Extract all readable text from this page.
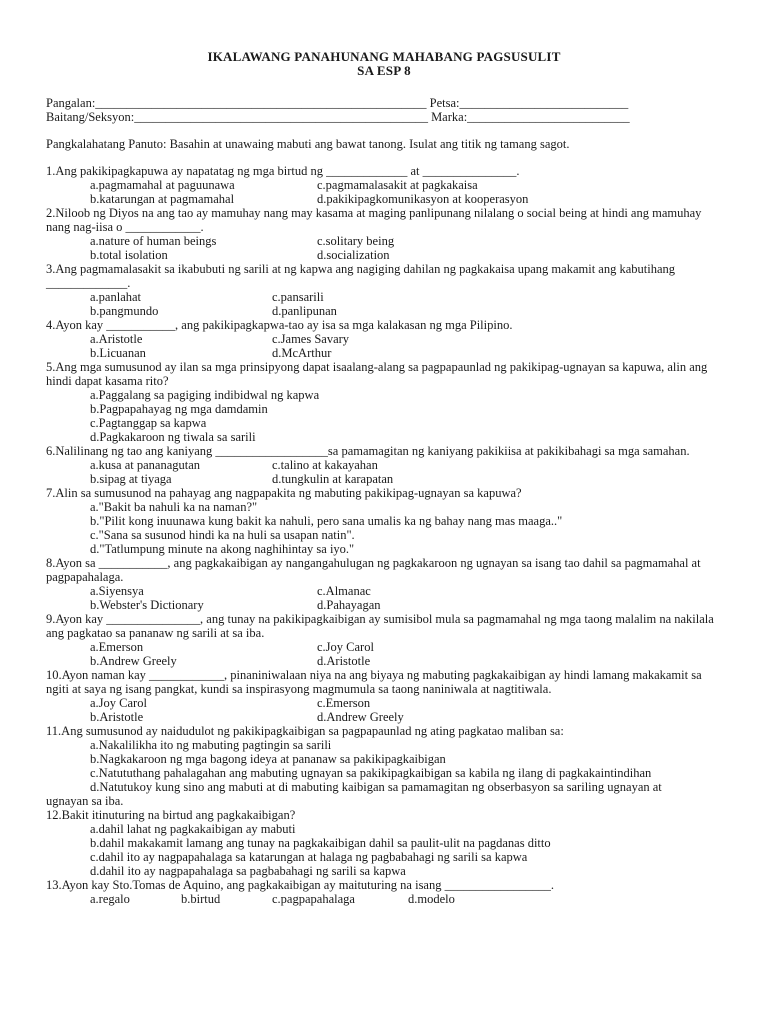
IKALAWANG PANAHUNANG MAHABANG PAGSUSULIT
SA ESP 8
Pangalan:_____________________________________________________ Petsa:___________________________
Baitang/Seksyon:_______________________________________________ Marka:__________________________
Pangkalahatang Panuto: Basahin at unawaing mabuti ang bawat tanong. Isulat ang titik ng tamang sagot.
1.Ang pakikipagkapuwa ay napatatag ng mga birtud ng _____________ at _______________.
a.pagmamahal at paguunawa	c.pagmamalasakit at pagkakaisa
b.katarungan at pagmamahal	d.pakikipagkomunikasyon at kooperasyon
2.Niloob ng Diyos na ang tao ay mamuhay nang may kasama at maging panlipunang nilalang o social being at hindi ang mamuhay nang nag-iisa o ____________.
a.nature of human beings	c.solitary being
b.total isolation	d.socialization
3.Ang pagmamalasakit sa ikabubuti ng sarili at ng kapwa ang nagiging dahilan ng pagkakaisa upang makamit ang kabutihang _____________.
a.panlahat	c.pansarili
b.pangmundo	d.panlipunan
4.Ayon kay ___________, ang pakikipagkapwa-tao ay isa sa mga kalakasan ng mga Pilipino.
a.Aristotle	c.James Savary
b.Licuanan	d.McArthur
5.Ang mga sumusunod ay ilan sa mga prinsipyong dapat isaalang-alang sa pagpapaunlad ng pakikipag-ugnayan sa kapuwa, alin ang hindi dapat kasama rito?
a.Paggalang sa pagiging indibidwal ng kapwa
b.Pagpapahayag ng mga damdamin
c.Pagtanggap sa kapwa
d.Pagkakaroon ng tiwala sa sarili
6.Nalilinang ng tao ang kaniyang __________________sa pamamagitan ng kaniyang pakikiisa at pakikibahagi sa mga samahan.
a.kusa at pananagutan	c.talino at kakayahan
b.sipag at tiyaga	d.tungkulin at karapatan
7.Alin sa sumusunod na pahayag ang nagpapakita ng mabuting pakikipag-ugnayan sa kapuwa?
a."Bakit ba nahuli ka na naman?"
b."Pilit kong inuunawa kung bakit ka nahuli, pero sana umalis ka ng bahay nang mas maaga.."
c."Sana sa susunod hindi ka na huli sa usapan natin".
d."Tatlumpung minute na akong naghihintay sa iyo."
8.Ayon sa ___________, ang pagkakaibigan ay nangangahulugan ng pagkakaroon ng ugnayan sa isang tao dahil sa pagmamahal at pagpapahalaga.
a.Siyensya	c.Almanac
b.Webster's Dictionary	d.Pahayagan
9.Ayon kay _______________, ang tunay na pakikipagkaibigan ay sumisibol mula sa pagmamahal ng mga taong malalim na nakilala ang pagkatao sa pananaw ng sarili at sa iba.
a.Emerson	c.Joy Carol
b.Andrew Greely	d.Aristotle
10.Ayon naman kay ____________, pinaniniwalaan niya na ang biyaya ng mabuting pagkakaibigan ay hindi lamang makakamit sa ngiti at saya ng isang pangkat, kundi sa inspirasyong magmumula sa taong naniniwala at nagtitiwala.
a.Joy Carol	c.Emerson
b.Aristotle	d.Andrew Greely
11.Ang sumusunod ay naidudulot ng pakikipagkaibigan sa pagpapaunlad ng ating pagkatao maliban sa:
a.Nakalilikha ito ng mabuting pagtingin sa sarili
b.Nagkakaroon ng mga bagong ideya at pananaw sa pakikipagkaibigan
c.Natututhang pahalagahan ang mabuting ugnayan sa pakikipagkaibigan sa kabila ng ilang di pagkakaintindihan
d.Natutukoy kung sino ang mabuti at di mabuting kaibigan sa pamamagitan ng obserbasyon sa sariling ugnayan at
ugnayan sa iba.
12.Bakit itinuturing na birtud ang pagkakaibigan?
a.dahil lahat ng pagkakaibigan ay mabuti
b.dahil makakamit lamang ang tunay na pagkakaibigan dahil sa paulit-ulit na pagdanas ditto
c.dahil ito ay nagpapahalaga sa katarungan at halaga ng pagbabahagi ng sarili sa kapwa
d.dahil ito ay nagpapahalaga sa pagbabahagi ng sarili sa kapwa
13.Ayon kay Sto.Tomas de Aquino, ang pagkakaibigan ay maituturing na isang _________________.
a.regalo	b.birtud	c.pagpapahalaga	d.modelo
